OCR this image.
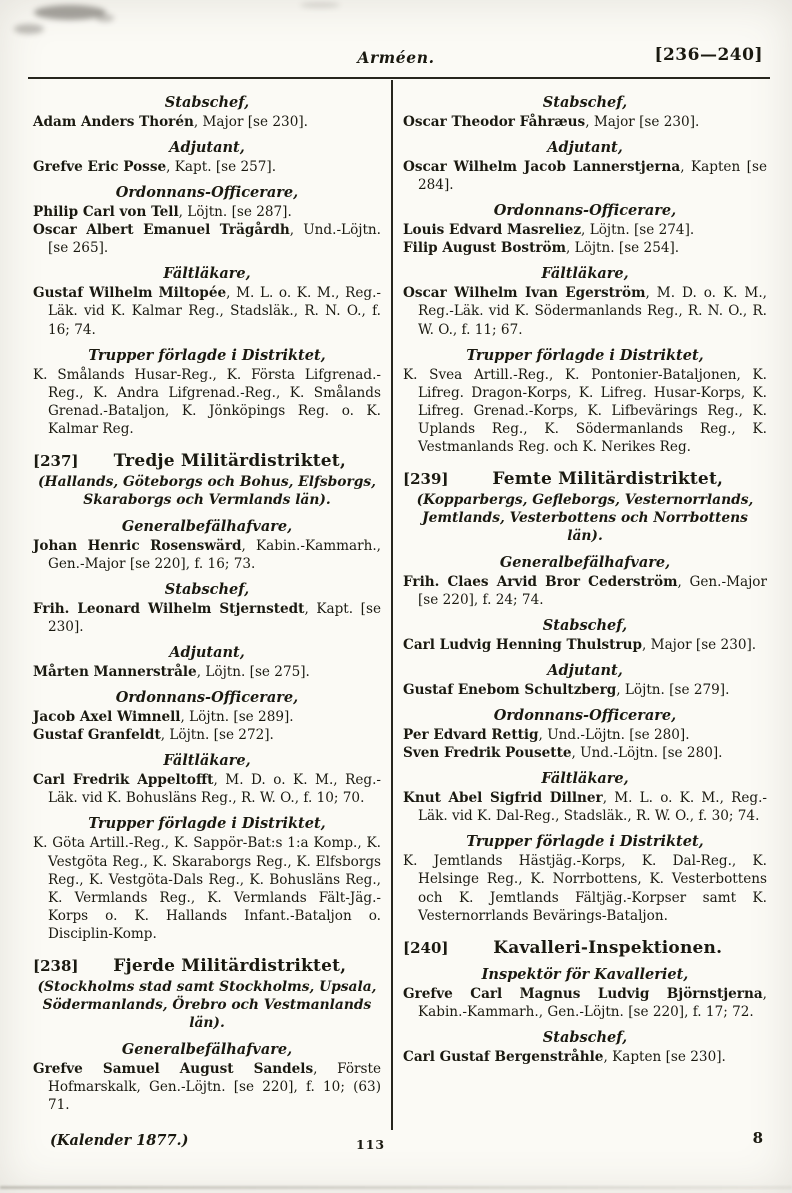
Arméen.	[236—240]
Stabschef,

Adam Anders Thorén, Major [se 230].

Adjutant,

Grefve Eric Posse, Kapt. [se 257].

Ordonnans-Officerare,

Philip Carl von Tell, Löjtn. [se 287].

Oscar Albert Emanuel Trägårdh, Und.-Löjtn. [se 265].

Fältläkare,

Gustaf Wilhelm Miltopée, M. L. o. K. M., Reg.-Läk. vid K. Kalmar Reg., Stadsläk., R. N. O., f. 16; 74.

Trupper förlagde i Distriktet,

K. Smålands Husar-Reg., K. Första Lifgrenad.-Reg., K. Andra Lifgrenad.-Reg., K. Smålands Grenad.-Bataljon, K. Jönköpings Reg. o. K. Kalmar Reg.

[237]	Tredje Militärdistriktet,
(Hallands, Göteborgs och Bohus, Elfsborgs, Skaraborgs och Vermlands län).
Generalbefälhafvare,

Johan Henric Rosenswärd, Kabin.-Kammarh., Gen.-Major [se 220], f. 16; 73.

Stabschef,

Frih. Leonard Wilhelm Stjernstedt, Kapt. [se 230].

Adjutant,

Mårten Mannerstråle, Löjtn. [se 275].

Ordonnans-Officerare,

Jacob Axel Wimnell, Löjtn. [se 289].

Gustaf Granfeldt, Löjtn. [se 272].

Fältläkare,

Carl Fredrik Appeltofft, M. D. o. K. M., Reg.-Läk. vid K. Bohusläns Reg., R. W. O., f. 10; 70.

Trupper förlagde i Distriktet,

K. Göta Artill.-Reg., K. Sappör-Bat:s 1:a Komp., K. Vestgöta Reg., K. Skaraborgs Reg., K. Elfsborgs Reg., K. Vestgöta-Dals Reg., K. Bohusläns Reg., K. Vermlands Reg., K. Vermlands Fält-Jäg.-Korps o. K. Hallands Infant.-Bataljon o. Disciplin-Komp.

[238]	Fjerde Militärdistriktet,
(Stockholms stad samt Stockholms, Upsala, Södermanlands, Örebro och Vestmanlands län).
Generalbefälhafvare,

Grefve Samuel August Sandels, Förste Hofmarskalk, Gen.-Löjtn. [se 220], f. 10; (63) 71.

Stabschef,

Oscar Theodor Fåhræus, Major [se 230].

Adjutant,

Oscar Wilhelm Jacob Lannerstjerna, Kapten [se 284].

Ordonnans-Officerare,

Louis Edvard Masreliez, Löjtn. [se 274].

Filip August Boström, Löjtn. [se 254].

Fältläkare,

Oscar Wilhelm Ivan Egerström, M. D. o. K. M., Reg.-Läk. vid K. Södermanlands Reg., R. N. O., R. W. O., f. 11; 67.

Trupper förlagde i Distriktet,

K. Svea Artill.-Reg., K. Pontonier-Bataljonen, K. Lifreg. Dragon-Korps, K. Lifreg. Husar-Korps, K. Lifreg. Grenad.-Korps, K. Lifbevärings Reg., K. Uplands Reg., K. Södermanlands Reg., K. Vestmanlands Reg. och K. Nerikes Reg.

[239]	Femte Militärdistriktet,
(Kopparbergs, Gefleborgs, Vesternorrlands, Jemtlands, Vesterbottens och Norrbottens län).
Generalbefälhafvare,

Frih. Claes Arvid Bror Cederström, Gen.-Major [se 220], f. 24; 74.

Stabschef,

Carl Ludvig Henning Thulstrup, Major [se 230].

Adjutant,

Gustaf Enebom Schultzberg, Löjtn. [se 279].

Ordonnans-Officerare,

Per Edvard Rettig, Und.-Löjtn. [se 280].

Sven Fredrik Pousette, Und.-Löjtn. [se 280].

Fältläkare,

Knut Abel Sigfrid Dillner, M. L. o. K. M., Reg.-Läk. vid K. Dal-Reg., Stadsläk., R. W. O., f. 30; 74.

Trupper förlagde i Distriktet,

K. Jemtlands Hästjäg.-Korps, K. Dal-Reg., K. Helsinge Reg., K. Norrbottens, K. Vesterbottens och K. Jemtlands Fältjäg.-Korpser samt K. Vesternorrlands Bevärings-Bataljon.

[240]	Kavalleri-Inspektionen.
Inspektör för Kavalleriet,

Grefve Carl Magnus Ludvig Björnstjerna, Kabin.-Kammarh., Gen.-Löjtn. [se 220], f. 17; 72.

Stabschef,

Carl Gustaf Bergenstråhle, Kapten [se 230].

(Kalender 1877.)	113	8
